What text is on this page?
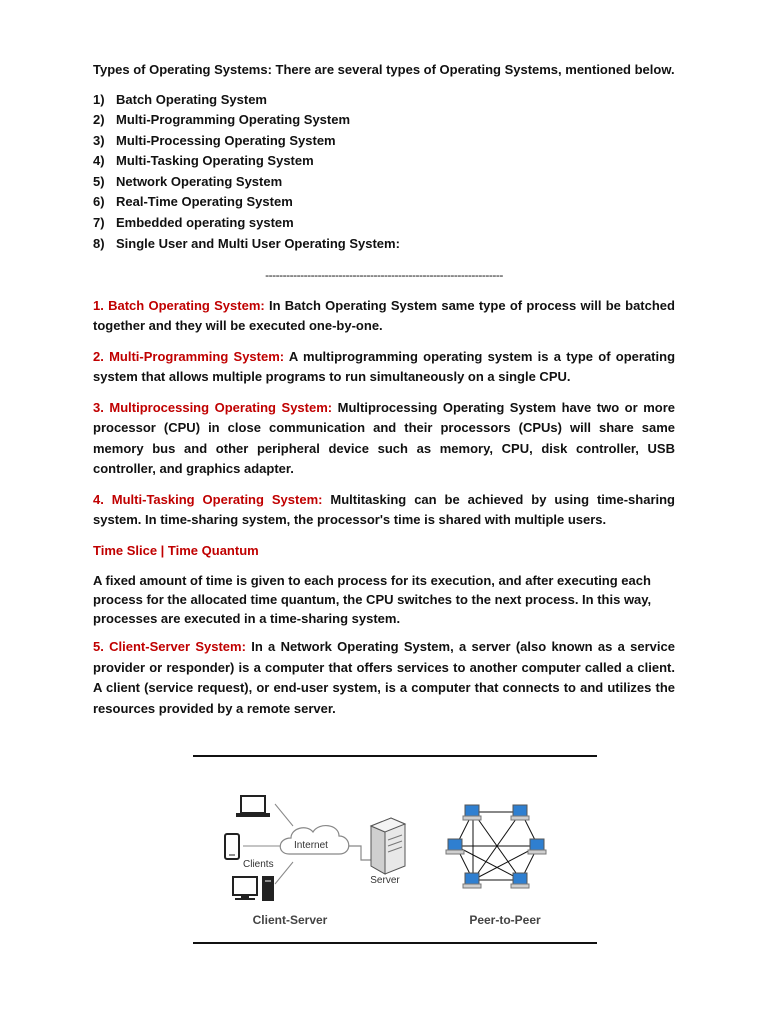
Types of Operating Systems: There are several types of Operating Systems, mentioned below.

1) Batch Operating System
2) Multi-Programming Operating System
3) Multi-Processing Operating System
4) Multi-Tasking Operating System
5) Network Operating System
6) Real-Time Operating System
7) Embedded operating system
8) Single User and Multi User Operating System:
--------------------------------------------------------------------

1. Batch Operating System: In Batch Operating System same type of process will be batched together and they will be executed one-by-one.

2. Multi-Programming System: A multiprogramming operating system is a type of operating system that allows multiple programs to run simultaneously on a single CPU.

3. Multiprocessing Operating System: Multiprocessing Operating System have two or more processor (CPU) in close communication and their processors (CPUs) will share same memory bus and other peripheral device such as memory, CPU, disk controller, USB controller, and graphics adapter.

4. Multi-Tasking Operating System: Multitasking can be achieved by using time-sharing system. In time-sharing system, the processor's time is shared with multiple users.

Time Slice | Time Quantum

A fixed amount of time is given to each process for its execution, and after executing each process for the allocated time quantum, the CPU switches to the next process. In this way, processes are executed in a time-sharing system.

5. Client-Server System: In a Network Operating System, a server (also known as a service provider or responder) is a computer that offers services to another computer called a client. A client (service request), or end-user system, is a computer that connects to and utilizes the resources provided by a remote server.

Clients
Internet
Server
Client-Server	Peer-to-Peer
